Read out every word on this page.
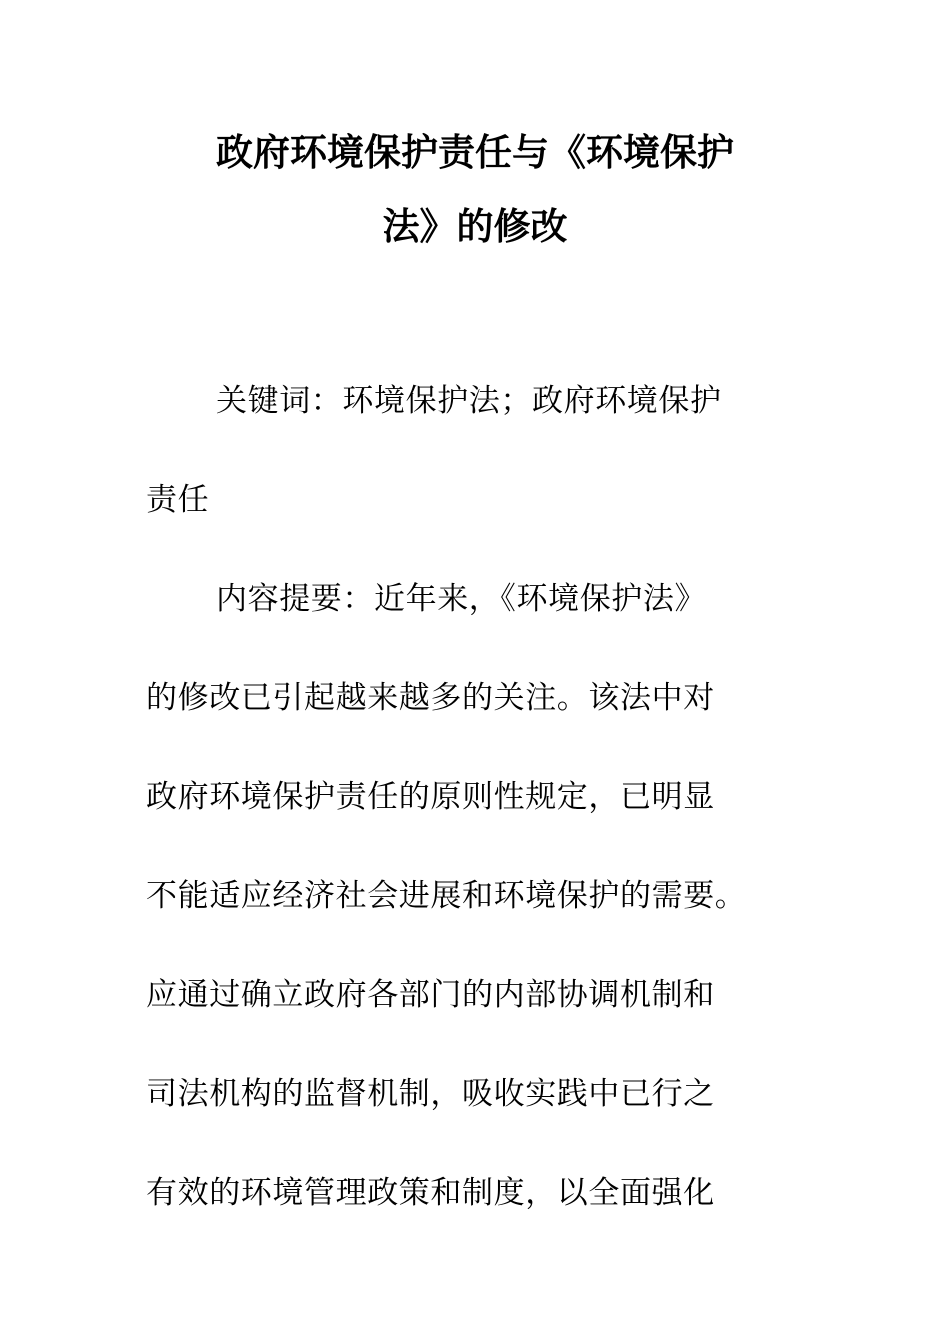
政府环境保护责任与《环境保护
法》的修改
关键词：环境保护法；政府环境保护
责任
内容提要：近年来，《环境保护法》
的修改已引起越来越多的关注。该法中对
政府环境保护责任的原则性规定，已明显
不能适应经济社会进展和环境保护的需要。
应通过确立政府各部门的内部协调机制和
司法机构的监督机制，吸收实践中已行之
有效的环境管理政策和制度，以全面强化
